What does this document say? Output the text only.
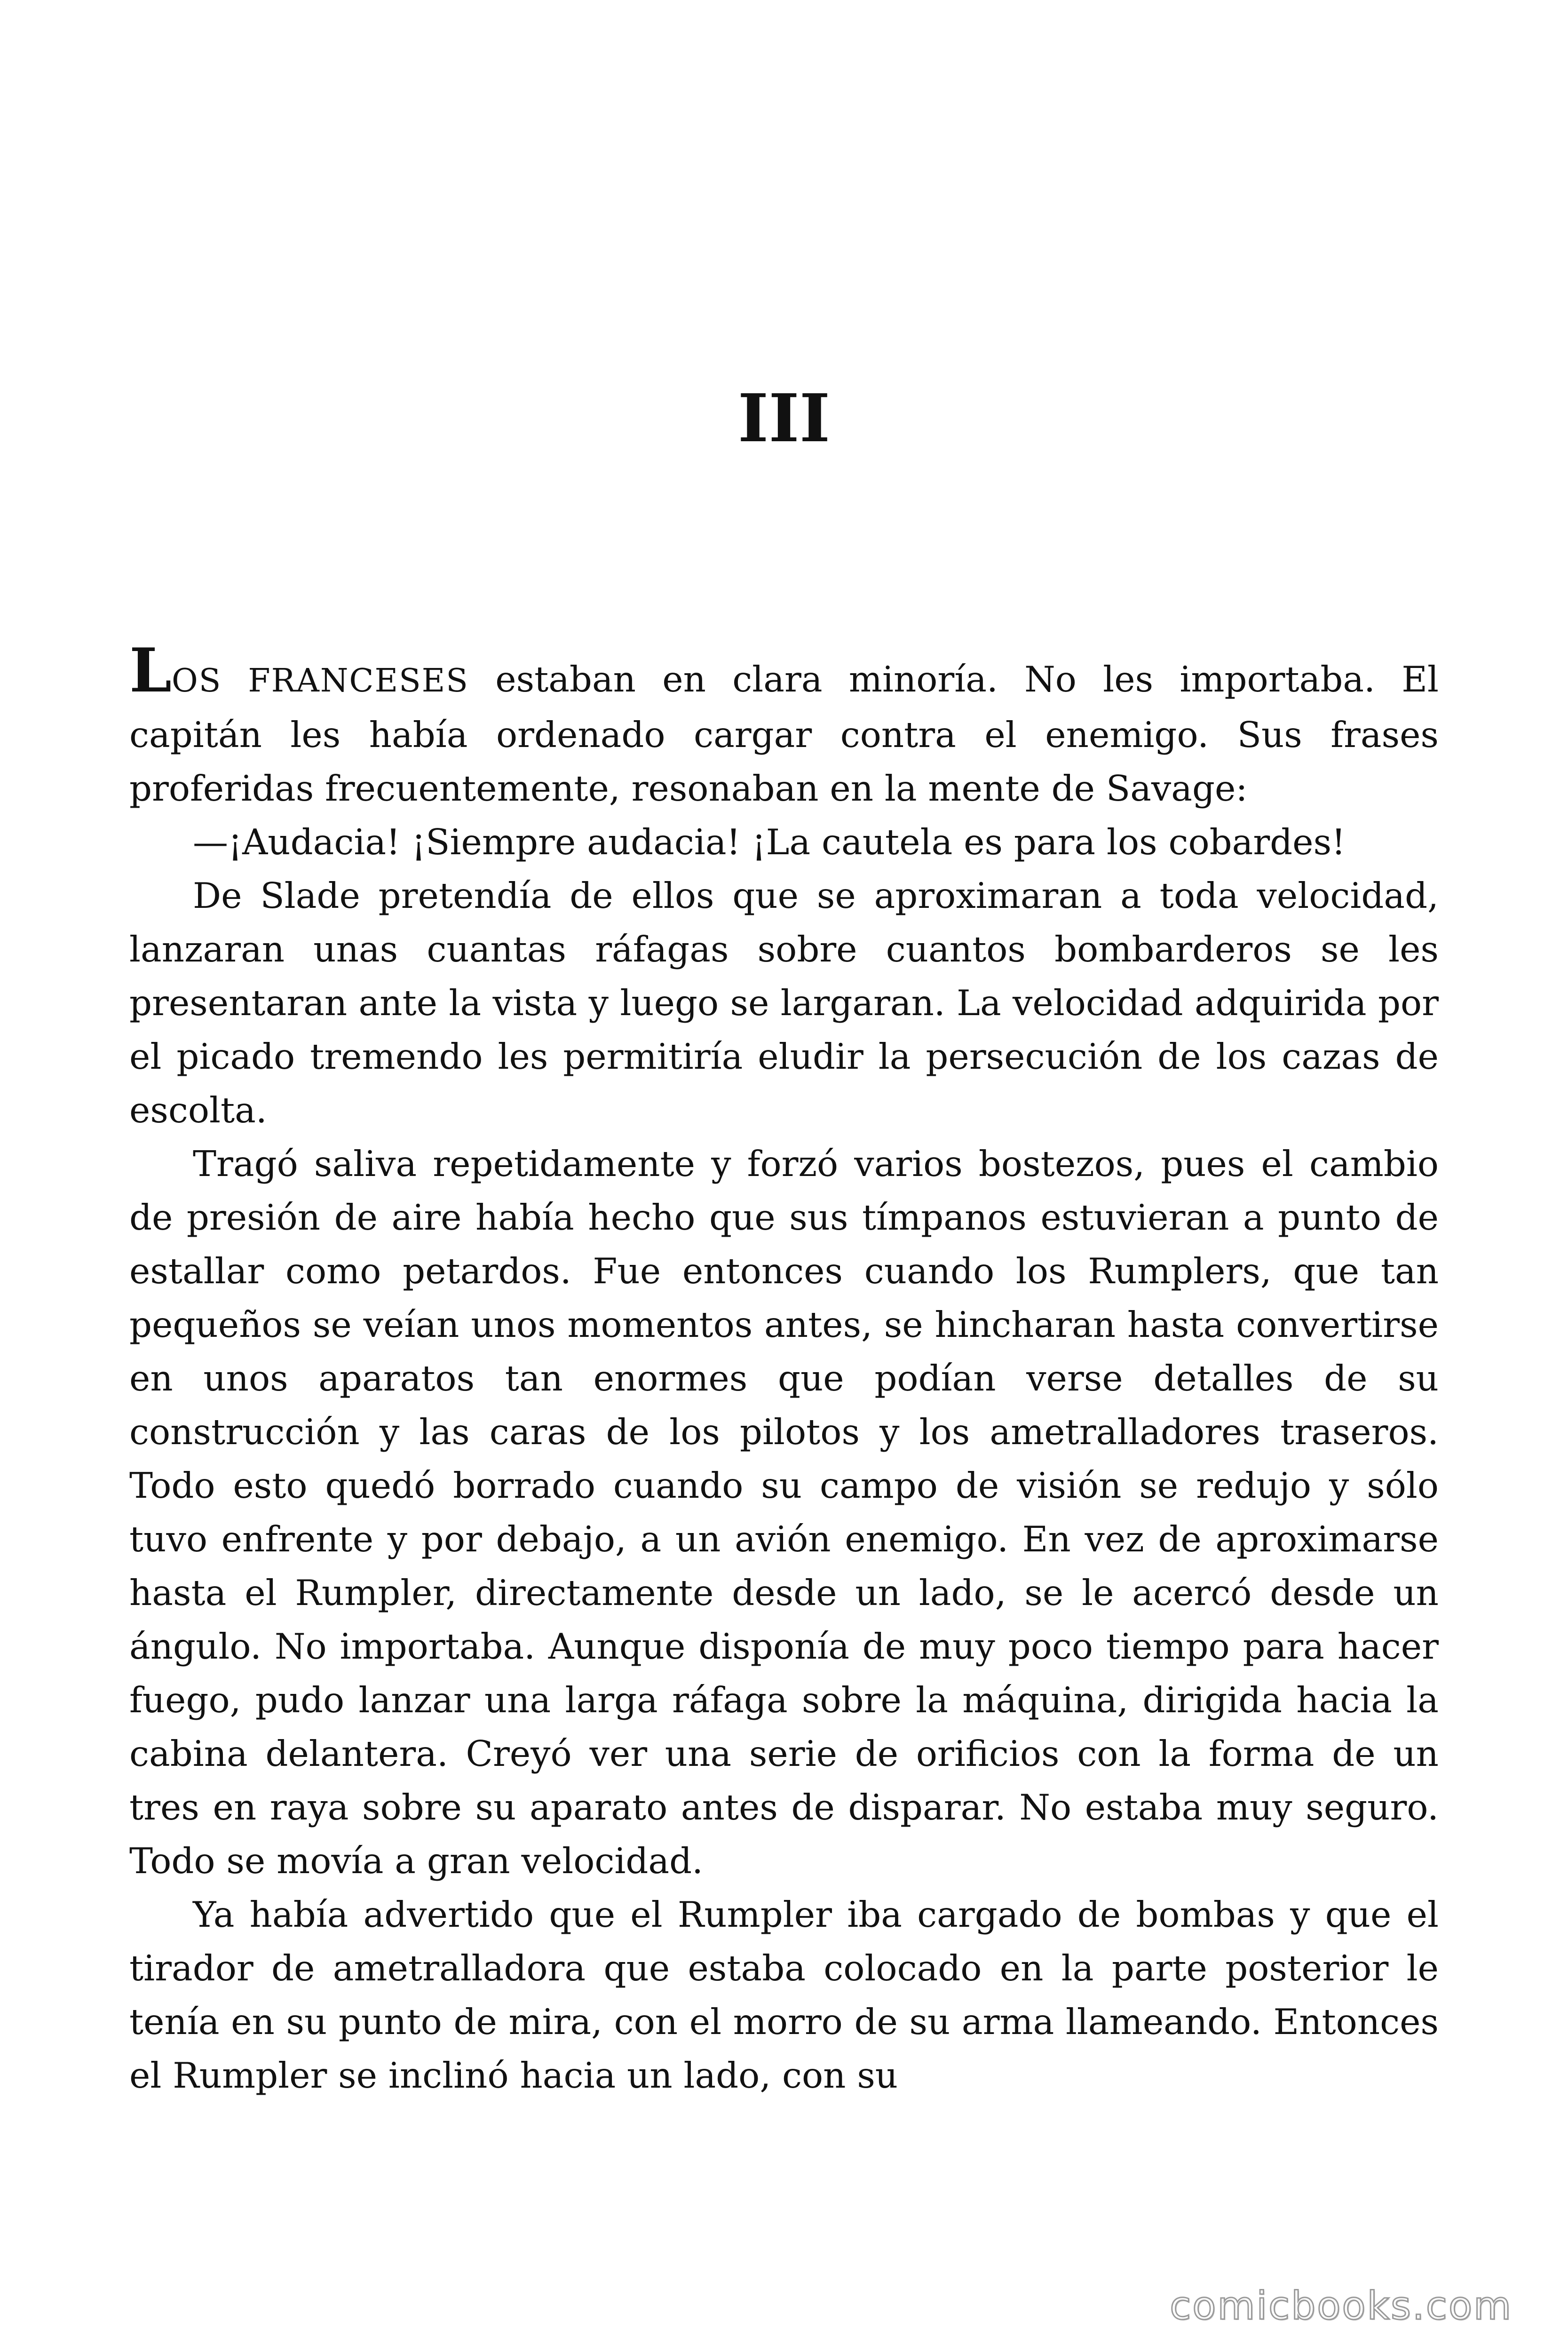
III

LOS FRANCESES estaban en clara minoría. No les importaba. El capitán les había ordenado cargar contra el enemigo. Sus frases proferidas frecuentemente, resonaban en la mente de Savage:

—¡Audacia! ¡Siempre audacia! ¡La cautela es para los cobardes!

De Slade pretendía de ellos que se aproximaran a toda velocidad, lanzaran unas cuantas ráfagas sobre cuantos bombarderos se les presentaran ante la vista y luego se largaran. La velocidad adquirida por el picado tremendo les permitiría eludir la persecución de los cazas de escolta.

Tragó saliva repetidamente y forzó varios bostezos, pues el cambio de presión de aire había hecho que sus tímpanos estuvieran a punto de estallar como petardos. Fue entonces cuando los Rumplers, que tan pequeños se veían unos momentos antes, se hincharan hasta convertirse en unos aparatos tan enormes que podían verse detalles de su construcción y las caras de los pilotos y los ametralladores traseros. Todo esto quedó borrado cuando su campo de visión se redujo y sólo tuvo enfrente y por debajo, a un avión enemigo. En vez de aproximarse hasta el Rumpler, directamente desde un lado, se le acercó desde un ángulo. No importaba. Aunque disponía de muy poco tiempo para hacer fuego, pudo lanzar una larga ráfaga sobre la máquina, dirigida hacia la cabina delantera. Creyó ver una serie de orificios con la forma de un tres en raya sobre su aparato antes de disparar. No estaba muy seguro. Todo se movía a gran velocidad.

Ya había advertido que el Rumpler iba cargado de bombas y que el tirador de ametralladora que estaba colocado en la parte posterior le tenía en su punto de mira, con el morro de su arma llameando. Entonces el Rumpler se inclinó hacia un lado, con su

comicbooks.com
